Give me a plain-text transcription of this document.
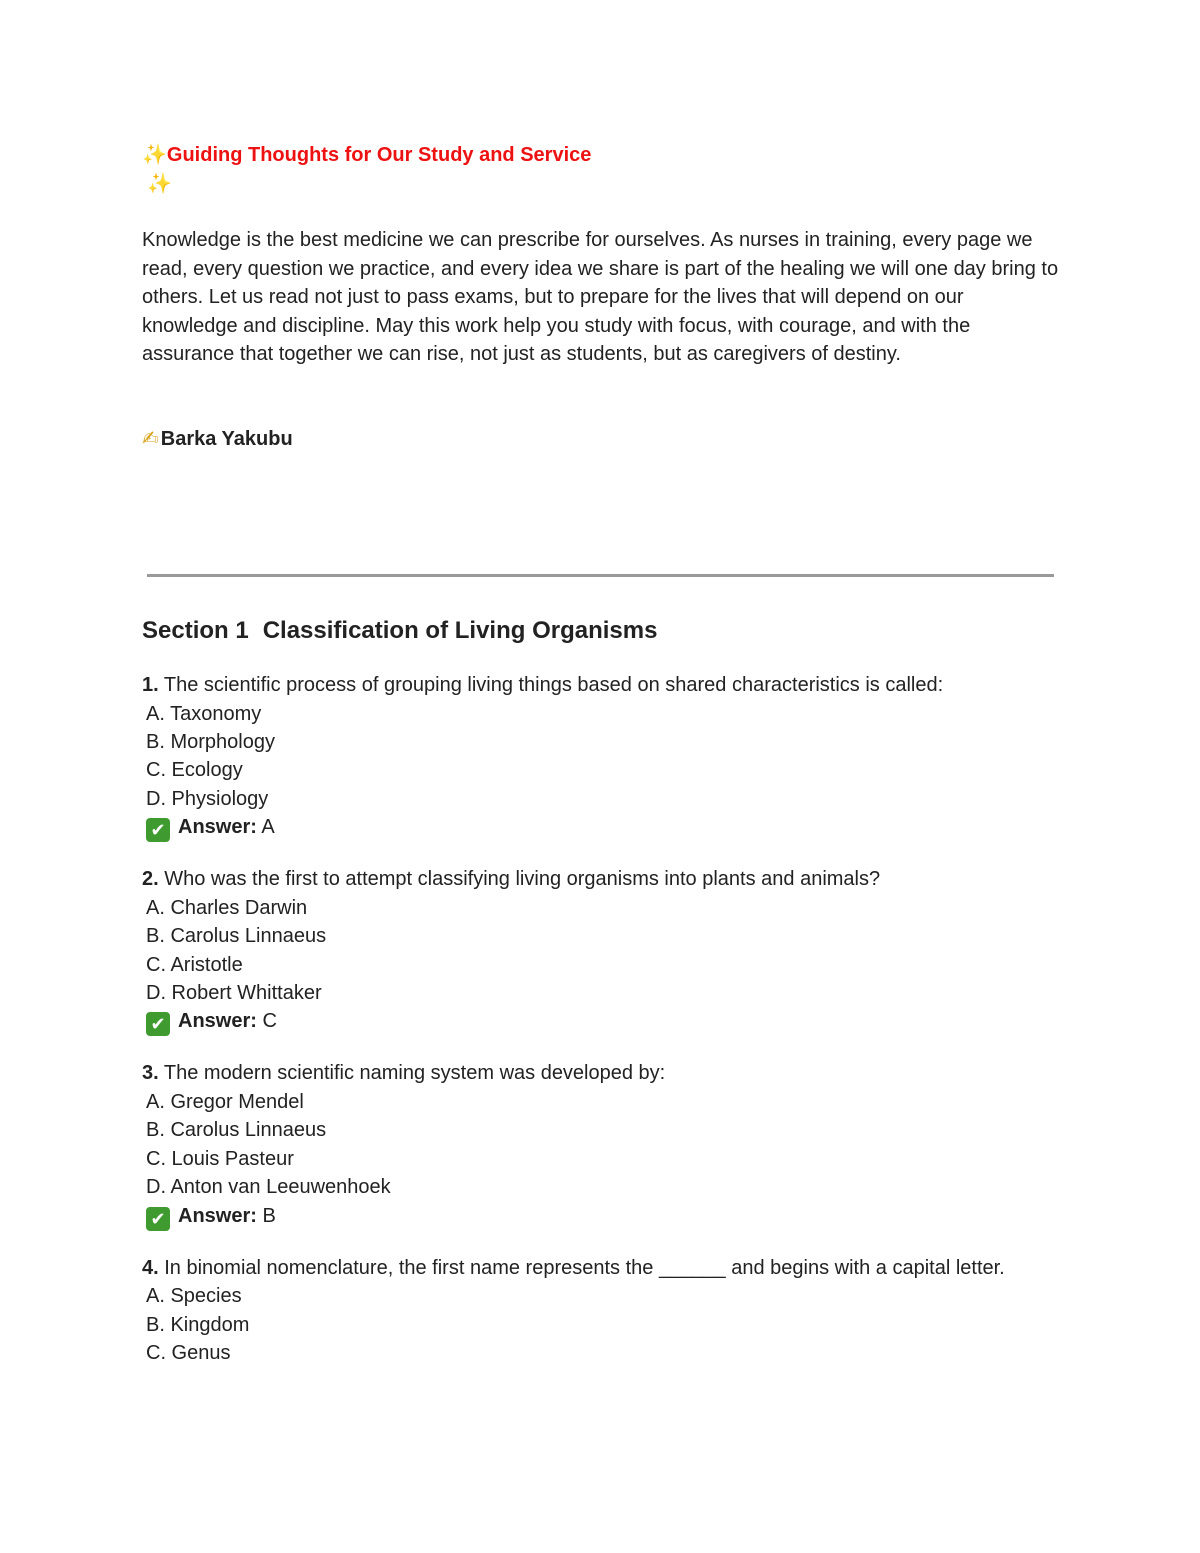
✨Guiding Thoughts for Our Study and Service
✨

Knowledge is the best medicine we can prescribe for ourselves. As nurses in training, every page we read, every question we practice, and every idea we share is part of the healing we will one day bring to others. Let us read not just to pass exams, but to prepare for the lives that will depend on our knowledge and discipline. May this work help you study with focus, with courage, and with the assurance that together we can rise, not just as students, but as caregivers of destiny.

✍ Barka Yakubu
Section 1 Classification of Living Organisms
1. The scientific process of grouping living things based on shared characteristics is called:
A. Taxonomy
B. Morphology
C. Ecology
D. Physiology
✔ Answer: A
2. Who was the first to attempt classifying living organisms into plants and animals?
A. Charles Darwin
B. Carolus Linnaeus
C. Aristotle
D. Robert Whittaker
✔ Answer: C
3. The modern scientific naming system was developed by:
A. Gregor Mendel
B. Carolus Linnaeus
C. Louis Pasteur
D. Anton van Leeuwenhoek
✔ Answer: B
4. In binomial nomenclature, the first name represents the ______ and begins with a capital letter.
A. Species
B. Kingdom
C. Genus
